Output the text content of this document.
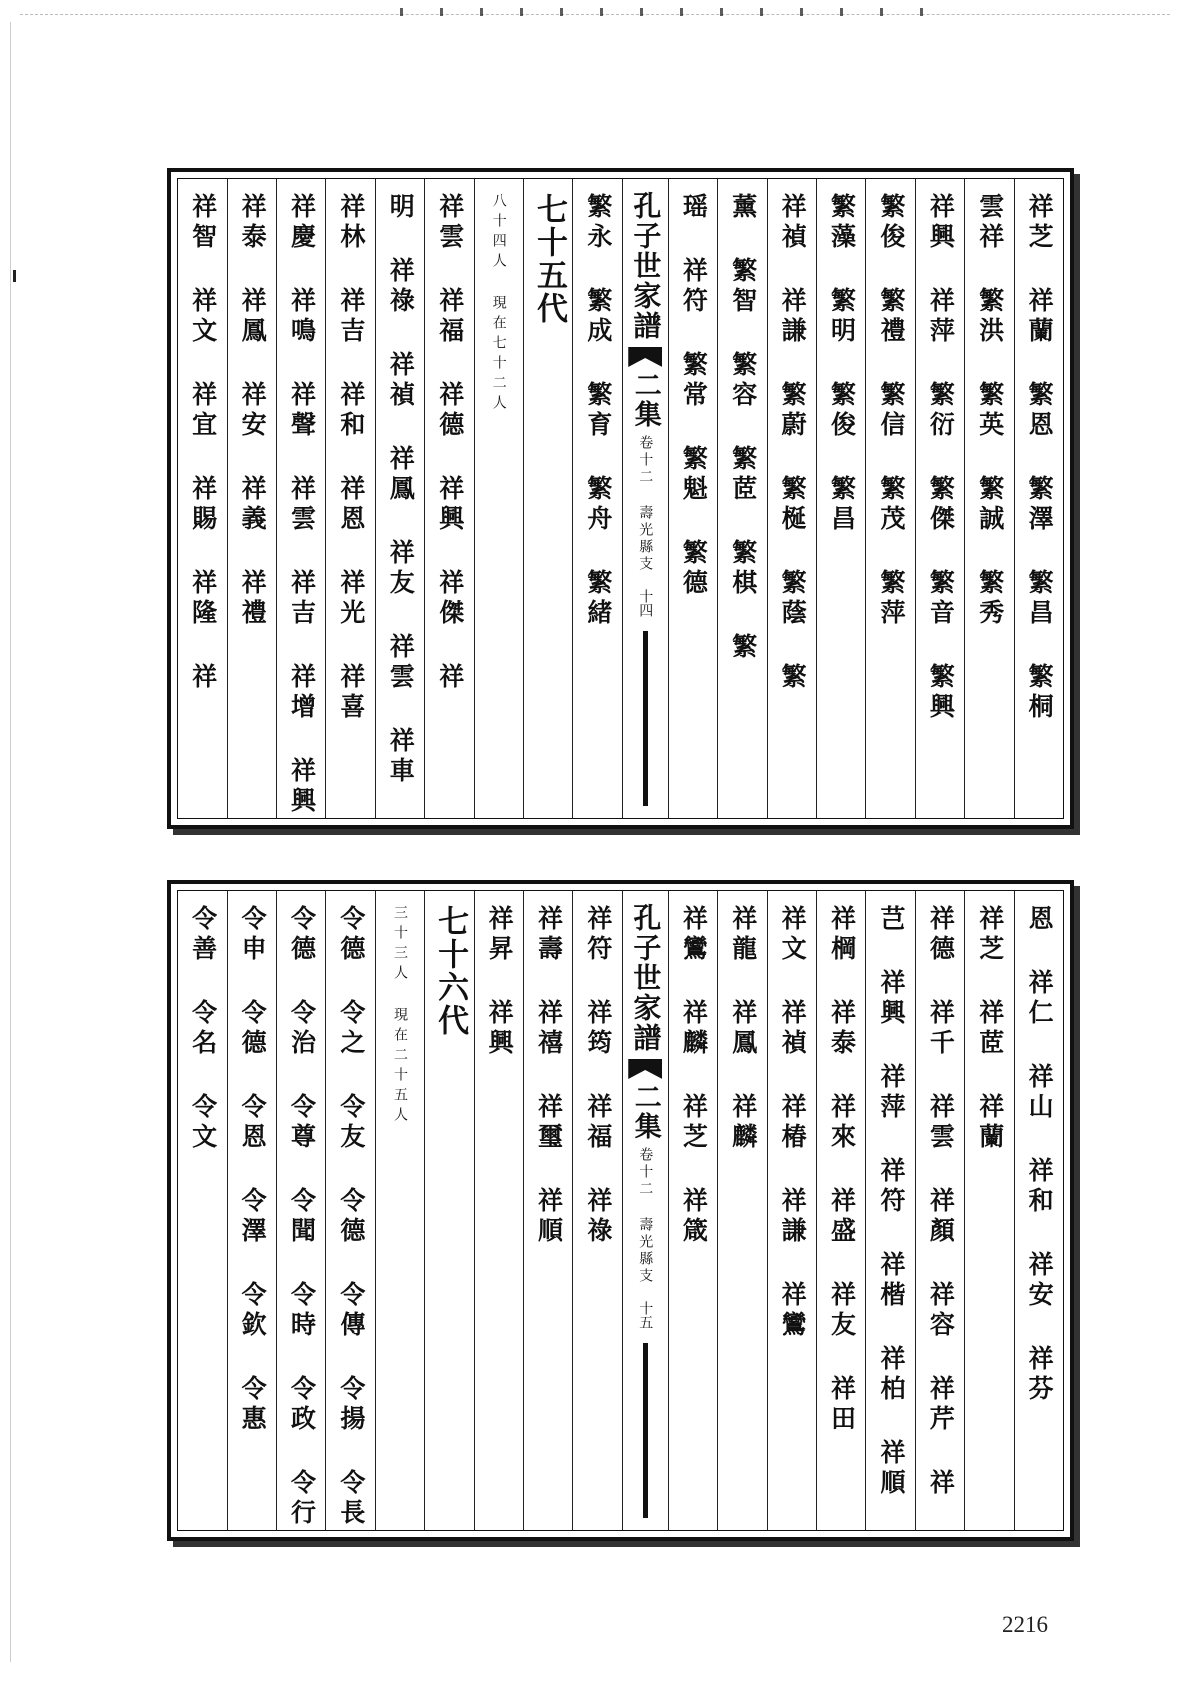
祥芝 祥蘭 繁恩 繁澤 繁昌 繁桐
雲祥 繁洪 繁英 繁誠 繁秀
祥興 祥萍 繁衍 繁傑 繁音 繁興
繁俊 繁禮 繁信 繁茂 繁萍
繁藻 繁明 繁俊 繁昌
祥禎 祥謙 繁蔚 繁梴 繁蔭 繁
薰 繁智 繁容 繁茝 繁棋 繁
瑶 祥符 繁常 繁魁 繁德
孔子世家譜
二集
卷十二 壽光縣支
十四
繁永 繁成 繁育 繁舟 繁緒
七十五代
八十四人 現在七十二人
祥雲 祥福 祥德 祥興 祥傑 祥
明 祥祿 祥禎 祥鳳 祥友 祥雲 祥車
祥林 祥吉 祥和 祥恩 祥光 祥喜
祥慶 祥鳴 祥聲 祥雲 祥吉 祥增 祥興
祥泰 祥鳳 祥安 祥義 祥禮
祥智 祥文 祥宜 祥賜 祥隆 祥
恩 祥仁 祥山 祥和 祥安 祥芬
祥芝 祥茝 祥蘭
祥德 祥千 祥雲 祥顏 祥容 祥芹 祥
芑 祥興 祥萍 祥符 祥楷 祥柏 祥順
祥棡 祥泰 祥來 祥盛 祥友 祥田
祥文 祥禎 祥椿 祥謙 祥鸞
祥龍 祥鳳 祥麟
祥鸞 祥麟 祥芝 祥箴
孔子世家譜
二集
卷十二 壽光縣支
十五
祥符 祥筠 祥福 祥祿
祥壽 祥禧 祥璽 祥順
祥昇 祥興
七十六代
三十三人 現在二十五人
令德 令之 令友 令德 令傳 令揚 令長
令德 令治 令尊 令聞 令時 令政 令行
令申 令德 令恩 令澤 令欽 令惠
令善 令名 令文
2216
